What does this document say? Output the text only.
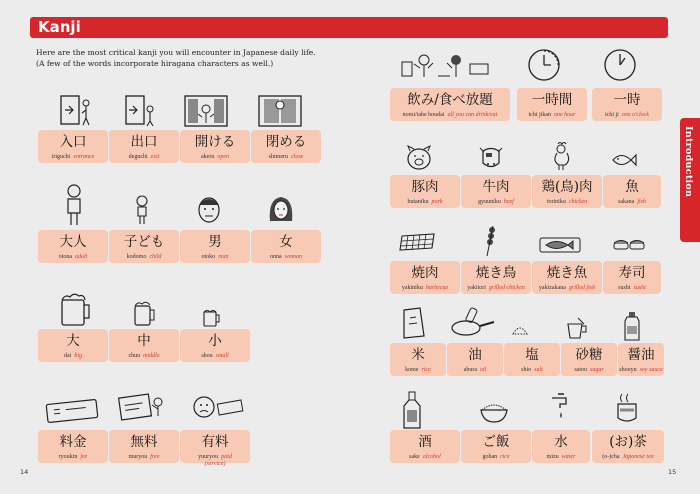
Kanji
Here are the most critical kanji you will encounter in Japanese daily life.
(A few of the words incorporate hiragana characters as well.)
Introduction
14	15
入口
iriguchi entrance
出口
deguchi exit
開ける
akeru open
閉める
shimeru close
大人
otona adult
子ども
kodomo child
男
otoko man
女
onna woman
大
dai big
中
chuu middle
小
shou small
料金
ryoukin fee
無料
muryou free
有料
yuuryou paid
(service)
飲み/食べ放題
nomi/tabe houdai all you can drink/eat
一時間
ichi jikan one hour
一時
ichi ji one o'clock
豚肉
butaniku pork
牛肉
gyuuniku beef
鶏(鳥)肉
toriniku chicken
魚
sakana fish
焼肉
yakiniku barbecue
焼き鳥
yakitori grilled chicken
焼き魚
yakizakana grilled fish
寿司
sushi sushi
米
kome rice
油
abura oil
塩
shio salt
砂糖
satou sugar
醤油
shouyu soy sauce
酒
sake alcohol
ご飯
gohan rice
水
mizu water
(お)茶
(o-)cha Japanese tea
